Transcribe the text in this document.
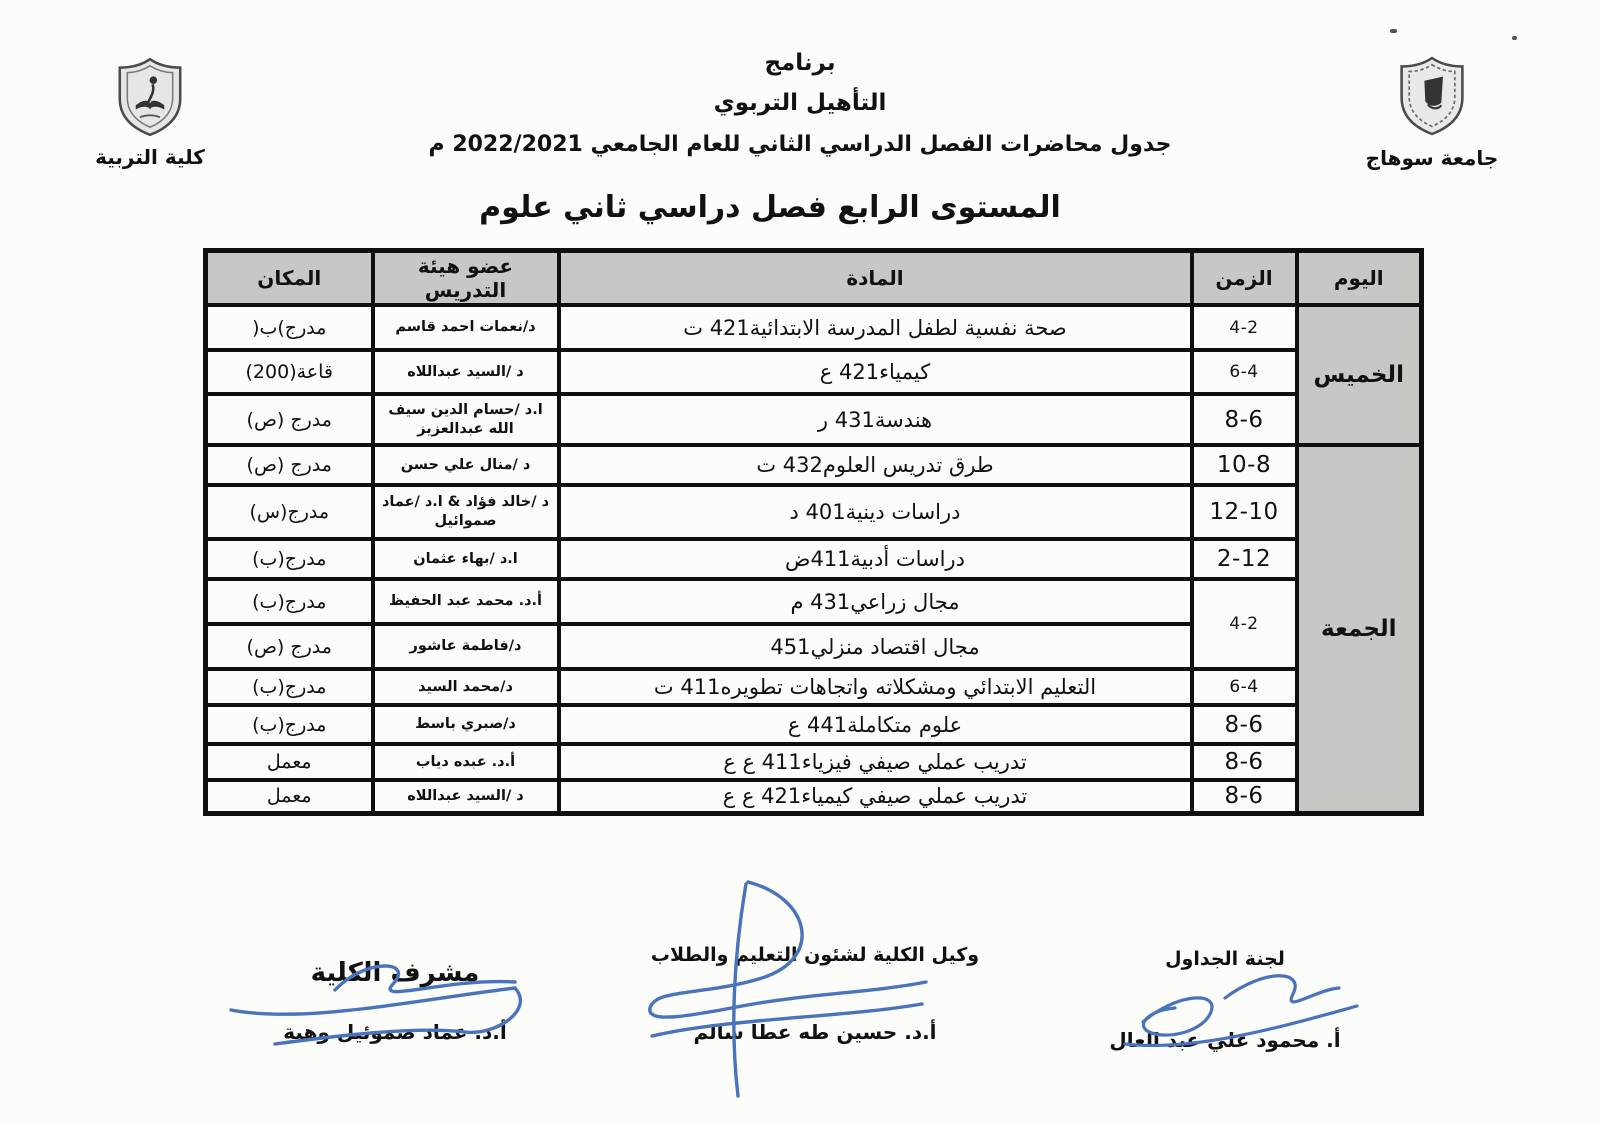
جامعة سوهاج
كلية التربية
برنامج
التأهيل التربوي
جدول محاضرات الفصل الدراسي الثاني للعام الجامعي 2022/2021 م
المستوى الرابع فصل دراسي ثاني علوم
اليوم	الزمن	المادة	عضو هيئة التدريس	المكان
الخميس	4-2	صحة نفسية لطفل المدرسة الابتدائية421 ت	د/نعمات احمد قاسم	مدرج)ب(
	6-4	كيمياء421 ع	د /السيد عبداللاه	قاعة(200)
	8-6	هندسة431 ر	ا.د /حسام الدين سيف الله عبدالعزيز	مدرج (ص)
الجمعة	10-8	طرق تدريس العلوم432 ت	د /منال علي حسن	مدرج (ص)
	12-10	دراسات دينية401 د	د /خالد فؤاد & ا.د /عماد صموائيل	مدرج(س)
	2-12	دراسات أدبية411ض	ا.د /بهاء عثمان	مدرج(ب)
	4-2	مجال زراعي431 م	أ.د. محمد عبد الحفيظ	مدرج(ب)
		مجال اقتصاد منزلي451	د/فاطمة عاشور	مدرج (ص)
	6-4	التعليم الابتدائي ومشكلاته واتجاهات تطويره411 ت	د/محمد السيد	مدرج(ب)
	8-6	علوم متكاملة441 ع	د/صبري باسط	مدرج(ب)
	8-6	تدريب عملي صيفي فيزياء411 ع ع	أ.د. عبده دياب	معمل
	8-6	تدريب عملي صيفي كيمياء421 ع ع	د /السيد عبداللاه	معمل
لجنة الجداول
أ. محمود علي عبد العال
وكيل الكلية لشئون التعليم والطلاب
أ.د. حسين طه عطا سالم
مشرف الكلية
أ.د. عماد صموئيل وهبة
